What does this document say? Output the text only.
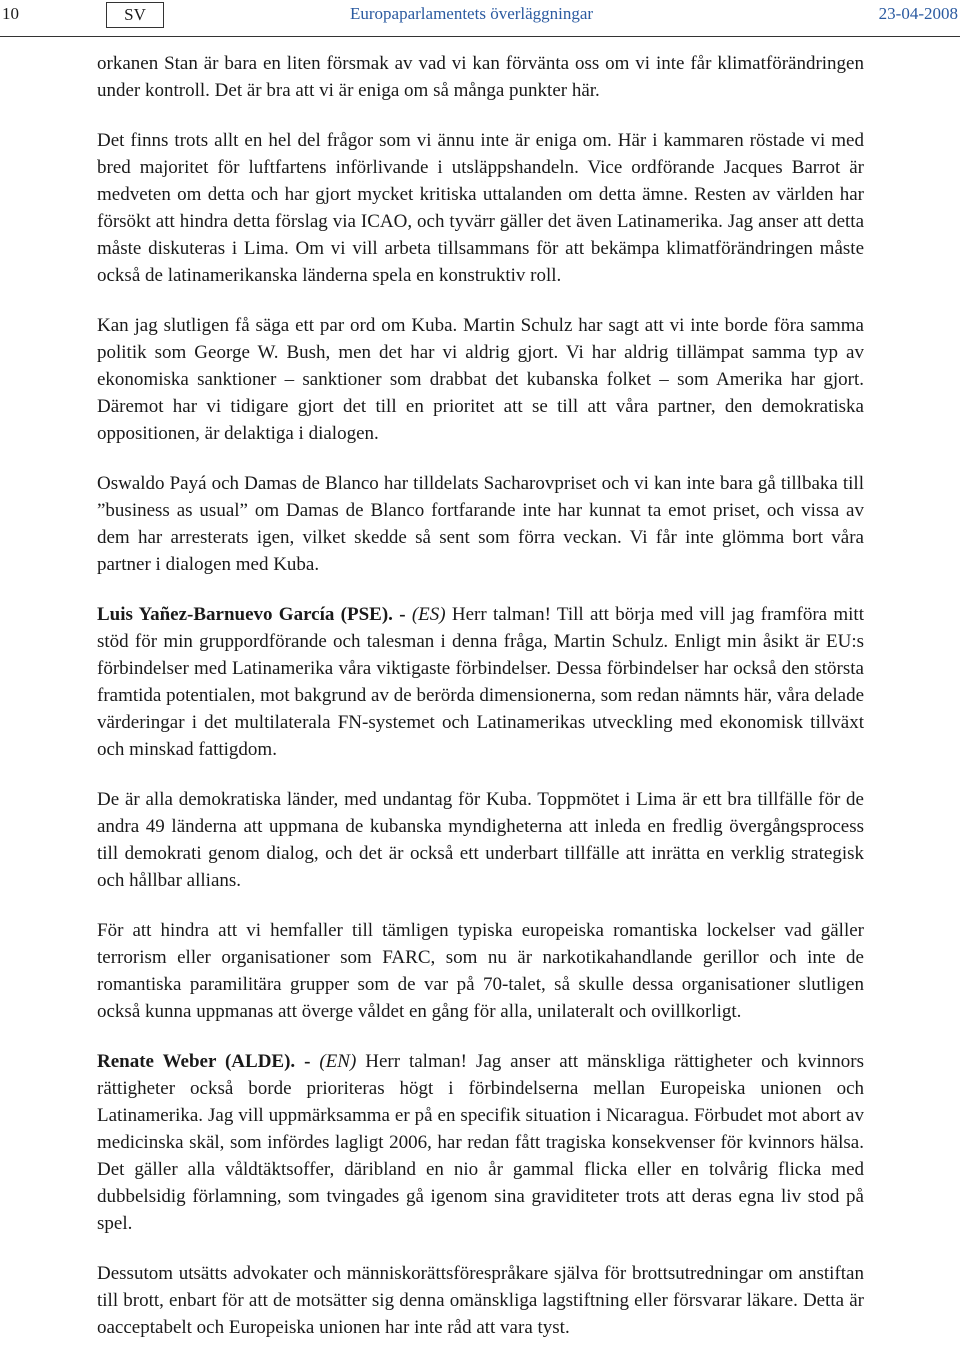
10	SV	Europaparlamentets överläggningar	23-04-2008

orkanen Stan är bara en liten försmak av vad vi kan förvänta oss om vi inte får klimatförändringen under kontroll. Det är bra att vi är eniga om så många punkter här.

Det finns trots allt en hel del frågor som vi ännu inte är eniga om. Här i kammaren röstade vi med bred majoritet för luftfartens införlivande i utsläppshandeln. Vice ordförande Jacques Barrot är medveten om detta och har gjort mycket kritiska uttalanden om detta ämne. Resten av världen har försökt att hindra detta förslag via ICAO, och tyvärr gäller det även Latinamerika. Jag anser att detta måste diskuteras i Lima. Om vi vill arbeta tillsammans för att bekämpa klimatförändringen måste också de latinamerikanska länderna spela en konstruktiv roll.

Kan jag slutligen få säga ett par ord om Kuba. Martin Schulz har sagt att vi inte borde föra samma politik som George W. Bush, men det har vi aldrig gjort. Vi har aldrig tillämpat samma typ av ekonomiska sanktioner – sanktioner som drabbat det kubanska folket – som Amerika har gjort. Däremot har vi tidigare gjort det till en prioritet att se till att våra partner, den demokratiska oppositionen, är delaktiga i dialogen.

Oswaldo Payá och Damas de Blanco har tilldelats Sacharovpriset och vi kan inte bara gå tillbaka till ”business as usual” om Damas de Blanco fortfarande inte har kunnat ta emot priset, och vissa av dem har arresterats igen, vilket skedde så sent som förra veckan. Vi får inte glömma bort våra partner i dialogen med Kuba.

Luis Yañez-Barnuevo García (PSE). - (ES) Herr talman! Till att börja med vill jag framföra mitt stöd för min gruppordförande och talesman i denna fråga, Martin Schulz. Enligt min åsikt är EU:s förbindelser med Latinamerika våra viktigaste förbindelser. Dessa förbindelser har också den största framtida potentialen, mot bakgrund av de berörda dimensionerna, som redan nämnts här, våra delade värderingar i det multilaterala FN-systemet och Latinamerikas utveckling med ekonomisk tillväxt och minskad fattigdom.

De är alla demokratiska länder, med undantag för Kuba. Toppmötet i Lima är ett bra tillfälle för de andra 49 länderna att uppmana de kubanska myndigheterna att inleda en fredlig övergångsprocess till demokrati genom dialog, och det är också ett underbart tillfälle att inrätta en verklig strategisk och hållbar allians.

För att hindra att vi hemfaller till tämligen typiska europeiska romantiska lockelser vad gäller terrorism eller organisationer som FARC, som nu är narkotikahandlande gerillor och inte de romantiska paramilitära grupper som de var på 70-talet, så skulle dessa organisationer slutligen också kunna uppmanas att överge våldet en gång för alla, unilateralt och ovillkorligt.

Renate Weber (ALDE). - (EN) Herr talman! Jag anser att mänskliga rättigheter och kvinnors rättigheter också borde prioriteras högt i förbindelserna mellan Europeiska unionen och Latinamerika. Jag vill uppmärksamma er på en specifik situation i Nicaragua. Förbudet mot abort av medicinska skäl, som infördes lagligt 2006, har redan fått tragiska konsekvenser för kvinnors hälsa. Det gäller alla våldtäktsoffer, däribland en nio år gammal flicka eller en tolvårig flicka med dubbelsidig förlamning, som tvingades gå igenom sina graviditeter trots att deras egna liv stod på spel.

Dessutom utsätts advokater och människorättsförespråkare själva för brottsutredningar om anstiftan till brott, enbart för att de motsätter sig denna omänskliga lagstiftning eller försvarar läkare. Detta är oacceptabelt och Europeiska unionen har inte råd att vara tyst.
